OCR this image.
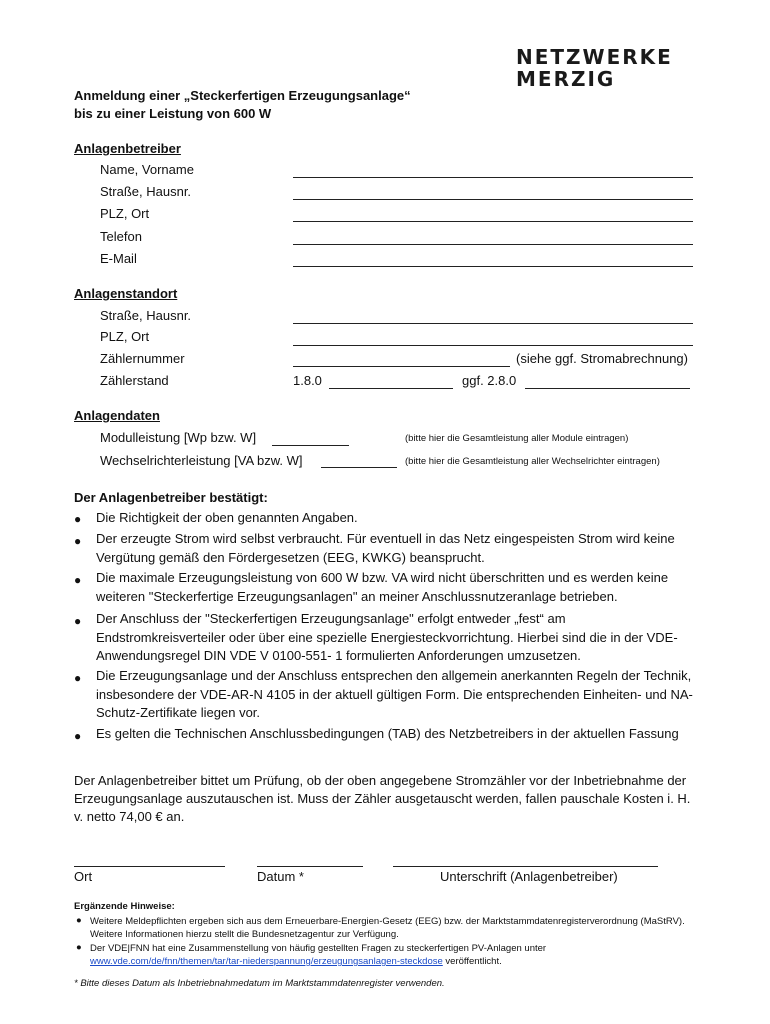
NETZWERKE
MERZIG
Anmeldung einer „Steckerfertigen Erzeugungsanlage“
bis zu einer Leistung von 600 W
Anlagenbetreiber
Name, Vorname
Straße, Hausnr.
PLZ, Ort
Telefon
E-Mail
Anlagenstandort
Straße, Hausnr.
PLZ, Ort
Zählernummer	(siehe ggf. Stromabrechnung)
Zählerstand	1.8.0	ggf. 2.8.0
Anlagendaten
Modulleistung [Wp bzw. W]	(bitte hier die Gesamtleistung aller Module eintragen)
Wechselrichterleistung [VA bzw. W]	(bitte hier die Gesamtleistung aller Wechselrichter eintragen)
Der Anlagenbetreiber bestätigt:
● Die Richtigkeit der oben genannten Angaben.
● Der erzeugte Strom wird selbst verbraucht. Für eventuell in das Netz eingespeisten Strom wird keine Vergütung gemäß den Fördergesetzen (EEG, KWKG) beansprucht.
● Die maximale Erzeugungsleistung von 600 W bzw. VA wird nicht überschritten und es werden keine weiteren "Steckerfertige Erzeugungsanlagen" an meiner Anschlussnutzeranlage betrieben.
● Der Anschluss der "Steckerfertigen Erzeugungsanlage" erfolgt entweder „fest“ am Endstromkreisverteiler oder über eine spezielle Energiesteckvorrichtung. Hierbei sind die in der VDE-Anwendungsregel DIN VDE V 0100-551- 1 formulierten Anforderungen umzusetzen.
● Die Erzeugungsanlage und der Anschluss entsprechen den allgemein anerkannten Regeln der Technik, insbesondere der VDE-AR-N 4105 in der aktuell gültigen Form. Die entsprechenden Einheiten- und NA-Schutz-Zertifikate liegen vor.
● Es gelten die Technischen Anschlussbedingungen (TAB) des Netzbetreibers in der aktuellen Fassung
Der Anlagenbetreiber bittet um Prüfung, ob der oben angegebene Stromzähler vor der Inbetriebnahme der Erzeugungsanlage auszutauschen ist. Muss der Zähler ausgetauscht werden, fallen pauschale Kosten i. H. v. netto 74,00 € an.
Ort	Datum *	Unterschrift (Anlagenbetreiber)
Ergänzende Hinweise:
● Weitere Meldepflichten ergeben sich aus dem Erneuerbare-Energien-Gesetz (EEG) bzw. der Marktstammdatenregisterverordnung (MaStRV). Weitere Informationen hierzu stellt die Bundesnetzagentur zur Verfügung.
● Der VDE|FNN hat eine Zusammenstellung von häufig gestellten Fragen zu steckerfertigen PV-Anlagen unter
www.vde.com/de/fnn/themen/tar/tar-niederspannung/erzeugungsanlagen-steckdose veröffentlicht.
* Bitte dieses Datum als Inbetriebnahmedatum im Marktstammdatenregister verwenden.
